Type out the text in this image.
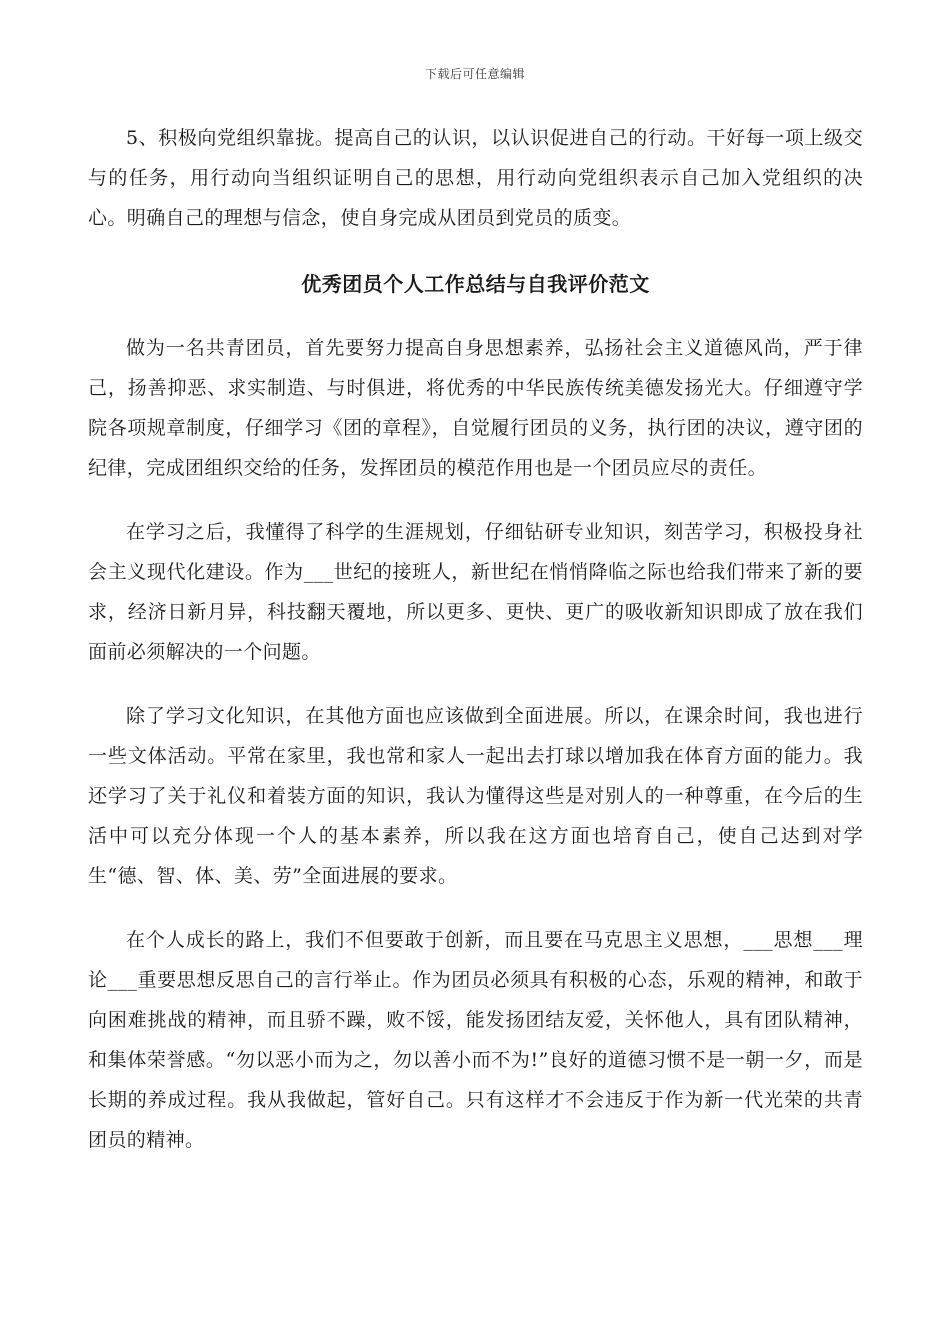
下载后可任意编辑

5、积极向党组织靠拢。提高自己的认识，以认识促进自己的行动。干好每一项上级交与的任务，用行动向当组织证明自己的思想，用行动向党组织表示自己加入党组织的决心。明确自己的理想与信念，使自身完成从团员到党员的质变。

优秀团员个人工作总结与自我评价范文

做为一名共青团员，首先要努力提高自身思想素养，弘扬社会主义道德风尚，严于律己，扬善抑恶、求实制造、与时俱进，将优秀的中华民族传统美德发扬光大。仔细遵守学院各项规章制度，仔细学习《团的章程》，自觉履行团员的义务，执行团的决议，遵守团的纪律，完成团组织交给的任务，发挥团员的模范作用也是一个团员应尽的责任。

在学习之后，我懂得了科学的生涯规划，仔细钻研专业知识，刻苦学习，积极投身社会主义现代化建设。作为___世纪的接班人，新世纪在悄悄降临之际也给我们带来了新的要求，经济日新月异，科技翻天覆地，所以更多、更快、更广的吸收新知识即成了放在我们面前必须解决的一个问题。

除了学习文化知识，在其他方面也应该做到全面进展。所以，在课余时间，我也进行一些文体活动。平常在家里，我也常和家人一起出去打球以增加我在体育方面的能力。我还学习了关于礼仪和着装方面的知识，我认为懂得这些是对别人的一种尊重，在今后的生活中可以充分体现一个人的基本素养，所以我在这方面也培育自己，使自己达到对学生“德、智、体、美、劳”全面进展的要求。

在个人成长的路上，我们不但要敢于创新，而且要在马克思主义思想，___思想___理论___重要思想反思自己的言行举止。作为团员必须具有积极的心态，乐观的精神，和敢于向困难挑战的精神，而且骄不躁，败不馁，能发扬团结友爱，关怀他人，具有团队精神，和集体荣誉感。“勿以恶小而为之，勿以善小而不为!”良好的道德习惯不是一朝一夕，而是长期的养成过程。我从我做起，管好自己。只有这样才不会违反于作为新一代光荣的共青团员的精神。
